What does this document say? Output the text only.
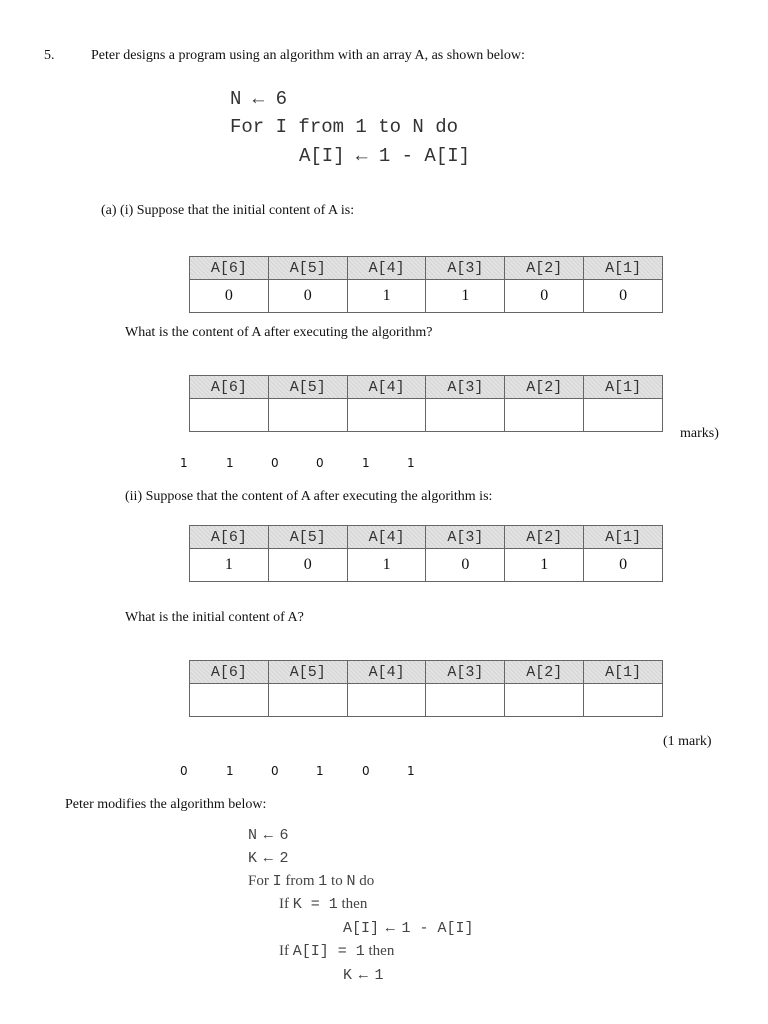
5.	Peter designs a program using an algorithm with an array A, as shown below:
N ← 6
For I from 1 to N do
A[I] ← 1 - A[I]
(a) (i) Suppose that the initial content of A is:
A[6]	A[5]	A[4]	A[3]	A[2]	A[1]
0	0	1	1	0	0
What is the content of A after executing the algorithm?
A[6]	A[5]	A[4]	A[3]	A[2]	A[1]

marks)
1	1	0	0	1	1
(ii) Suppose that the content of A after executing the algorithm is:
A[6]	A[5]	A[4]	A[3]	A[2]	A[1]
1	0	1	0	1	0
What is the initial content of A?
A[6]	A[5]	A[4]	A[3]	A[2]	A[1]

(1 mark)
0	1	0	1	0	1
Peter modifies the algorithm below:
N ← 6
K ← 2
For I from 1 to N do
If K = 1 then
A[I] ← 1 - A[I]
If A[I] = 1 then
K ← 1
